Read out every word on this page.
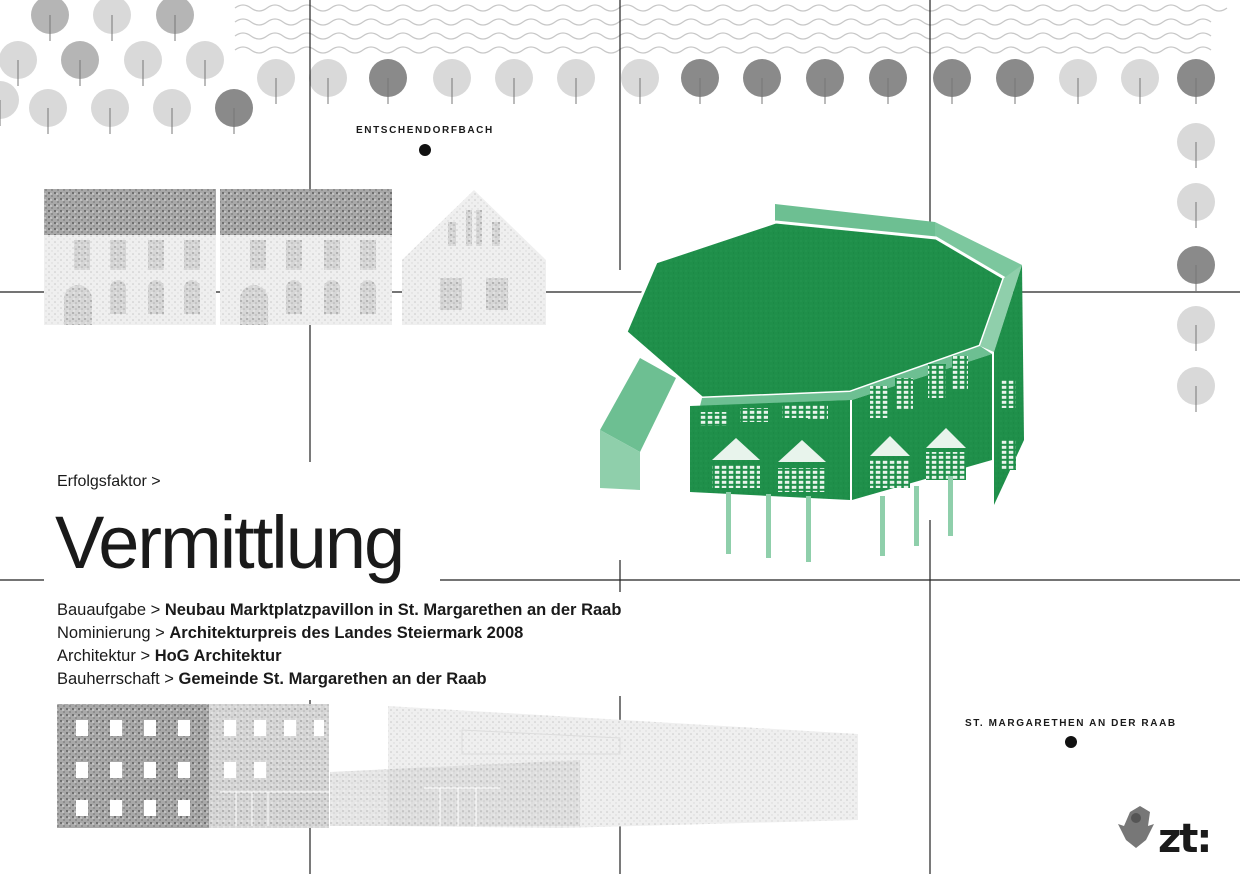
ENTSCHENDORFBACH
ST. MARGARETHEN AN DER RAAB
Erfolgsfaktor >
Vermittlung
Bauaufgabe > Neubau Marktplatzpavillon in St. Margarethen an der Raab
Nominierung > Architekturpreis des Landes Steiermark 2008
Architektur > HoG Architektur
Bauherrschaft > Gemeinde St. Margarethen an der Raab
zt:
